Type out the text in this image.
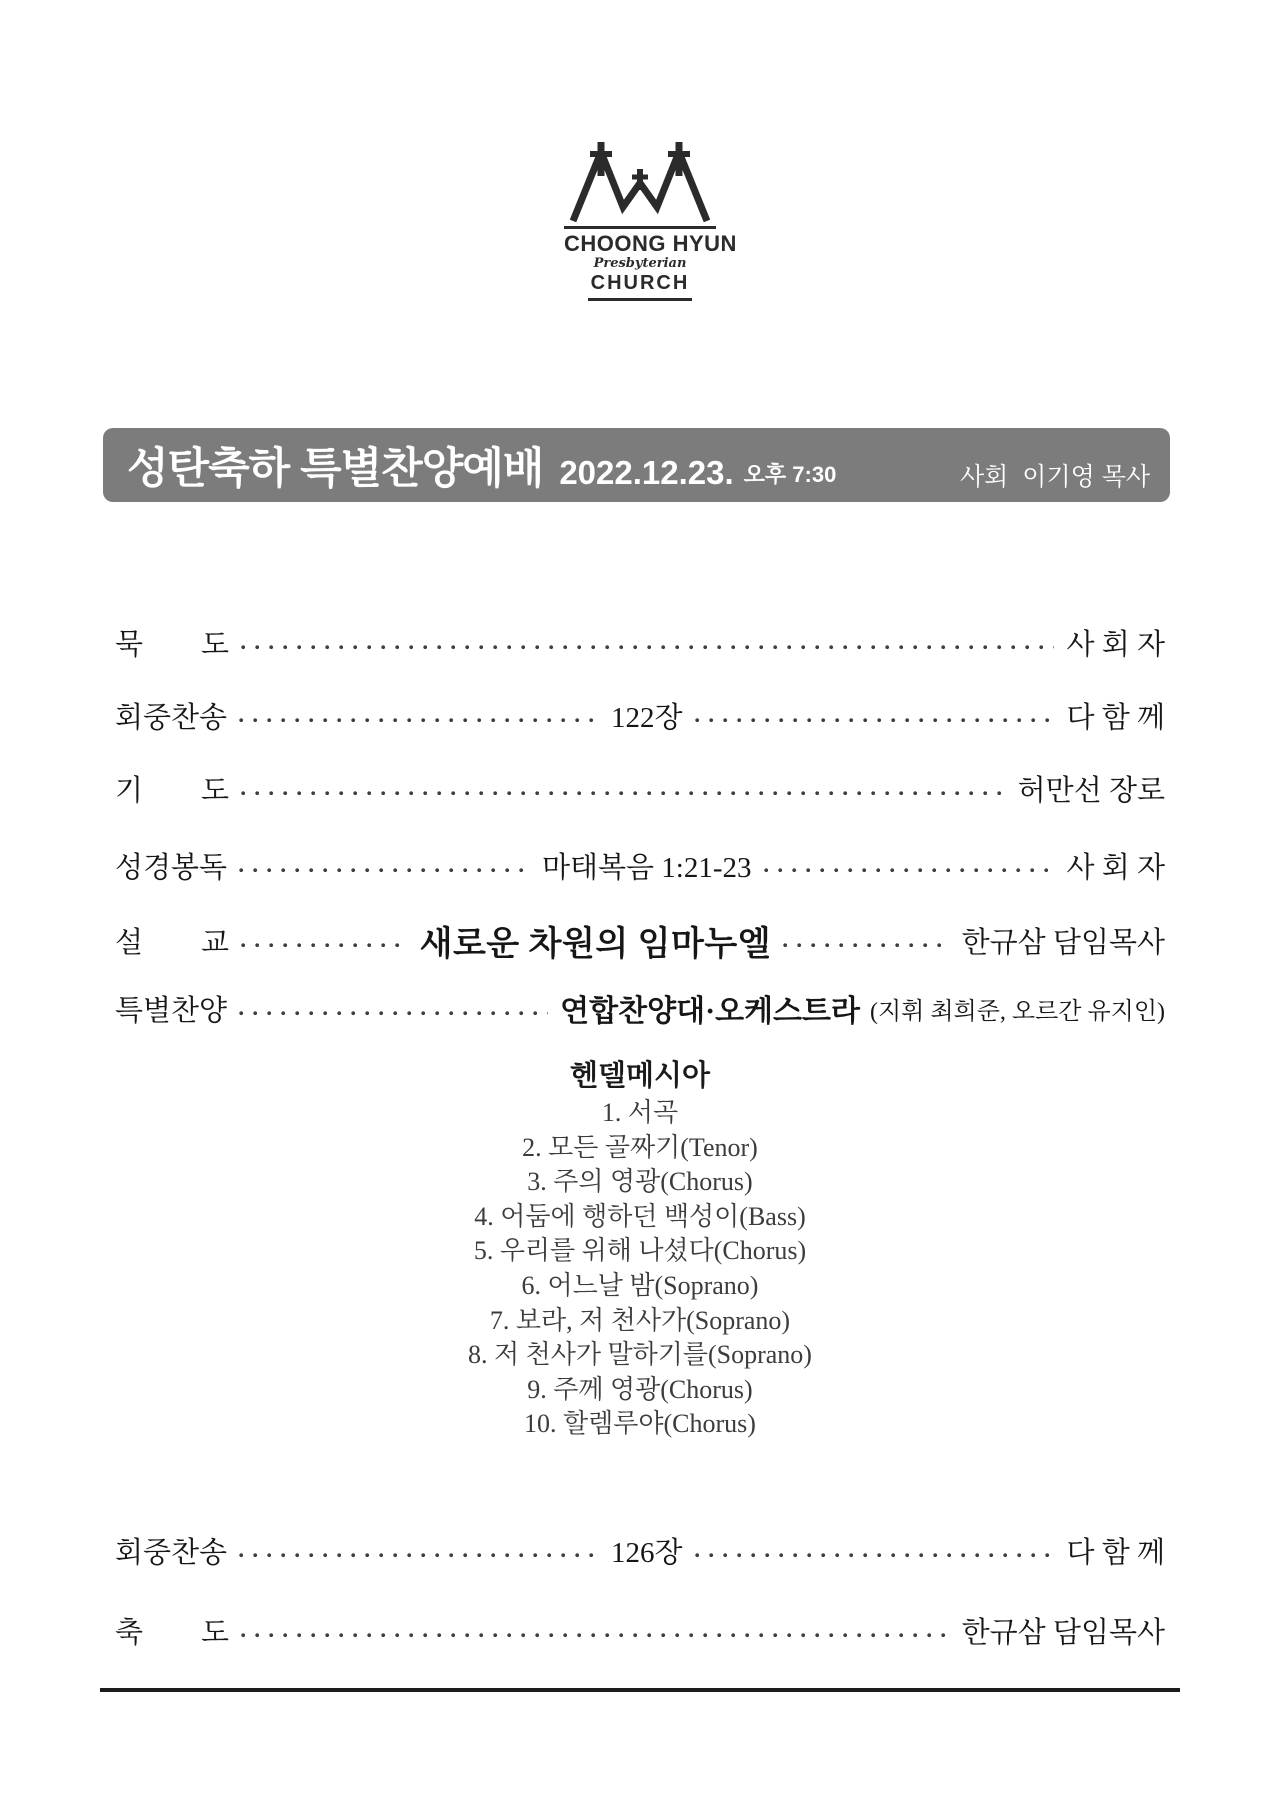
CHOONG HYUN
Presbyterian
CHURCH
성탄축하 특별찬양예배 2022.12.23. 오후 7:30	사회 이기영 목사
묵　　도	사 회 자
회중찬송	122장	다 함 께
기　　도	허만선 장로
성경봉독	마태복음 1:21-23	사 회 자
설　　교	새로운 차원의 임마누엘	한규삼 담임목사
특별찬양	연합찬양대·오케스트라 (지휘 최희준, 오르간 유지인)
헨델메시아
1. 서곡
2. 모든 골짜기(Tenor)
3. 주의 영광(Chorus)
4. 어둠에 행하던 백성이(Bass)
5. 우리를 위해 나셨다(Chorus)
6. 어느날 밤(Soprano)
7. 보라, 저 천사가(Soprano)
8. 저 천사가 말하기를(Soprano)
9. 주께 영광(Chorus)
10. 할렘루야(Chorus)
회중찬송	126장	다 함 께
축　　도	한규삼 담임목사
